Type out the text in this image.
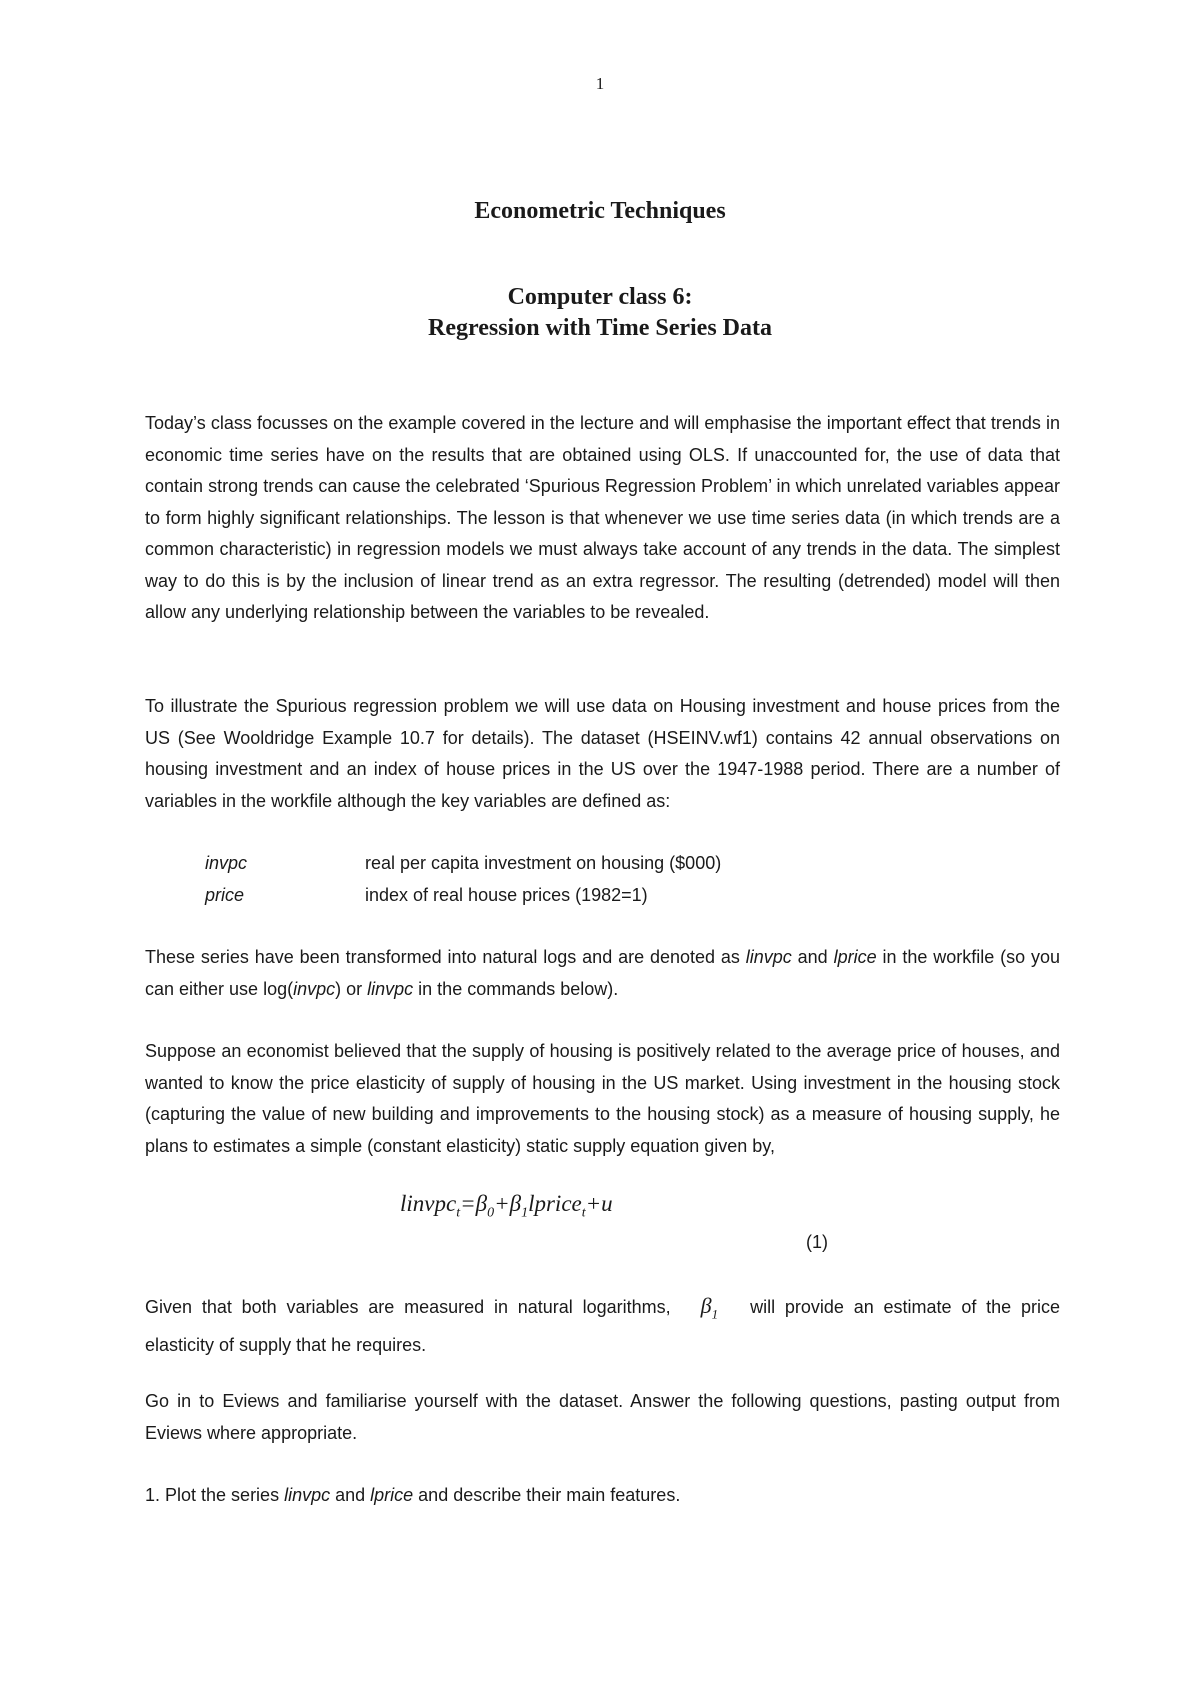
1
Econometric Techniques
Computer class 6:
Regression with Time Series Data

Today’s class focusses on the example covered in the lecture and will emphasise the important effect that trends in economic time series have on the results that are obtained using OLS. If unaccounted for, the use of data that contain strong trends can cause the celebrated ‘Spurious Regression Problem’ in which unrelated variables appear to form highly significant relationships. The lesson is that whenever we use time series data (in which trends are a common characteristic) in regression models we must always take account of any trends in the data. The simplest way to do this is by the inclusion of linear trend as an extra regressor. The resulting (detrended) model will then allow any underlying relationship between the variables to be revealed.

To illustrate the Spurious regression problem we will use data on Housing investment and house prices from the US (See Wooldridge Example 10.7 for details). The dataset (HSEINV.wf1) contains 42 annual observations on housing investment and an index of house prices in the US over the 1947-1988 period. There are a number of variables in the workfile although the key variables are defined as:

invpc	real per capita investment on housing ($000)
price	index of real house prices (1982=1)

These series have been transformed into natural logs and are denoted as linvpc and lprice in the workfile (so you can either use log(invpc) or linvpc in the commands below).

Suppose an economist believed that the supply of housing is positively related to the average price of houses, and wanted to know the price elasticity of supply of housing in the US market. Using investment in the housing stock (capturing the value of new building and improvements to the housing stock) as a measure of housing supply, he plans to estimates a simple (constant elasticity) static supply equation given by,

$linvpc_t=\beta_0+\beta_1lprice_t+u$
(1)

Given that both variables are measured in natural logarithms, $\beta_1$ will provide an estimate of the price elasticity of supply that he requires.

Go in to Eviews and familiarise yourself with the dataset. Answer the following questions, pasting output from Eviews where appropriate.

1. Plot the series linvpc and lprice and describe their main features.
